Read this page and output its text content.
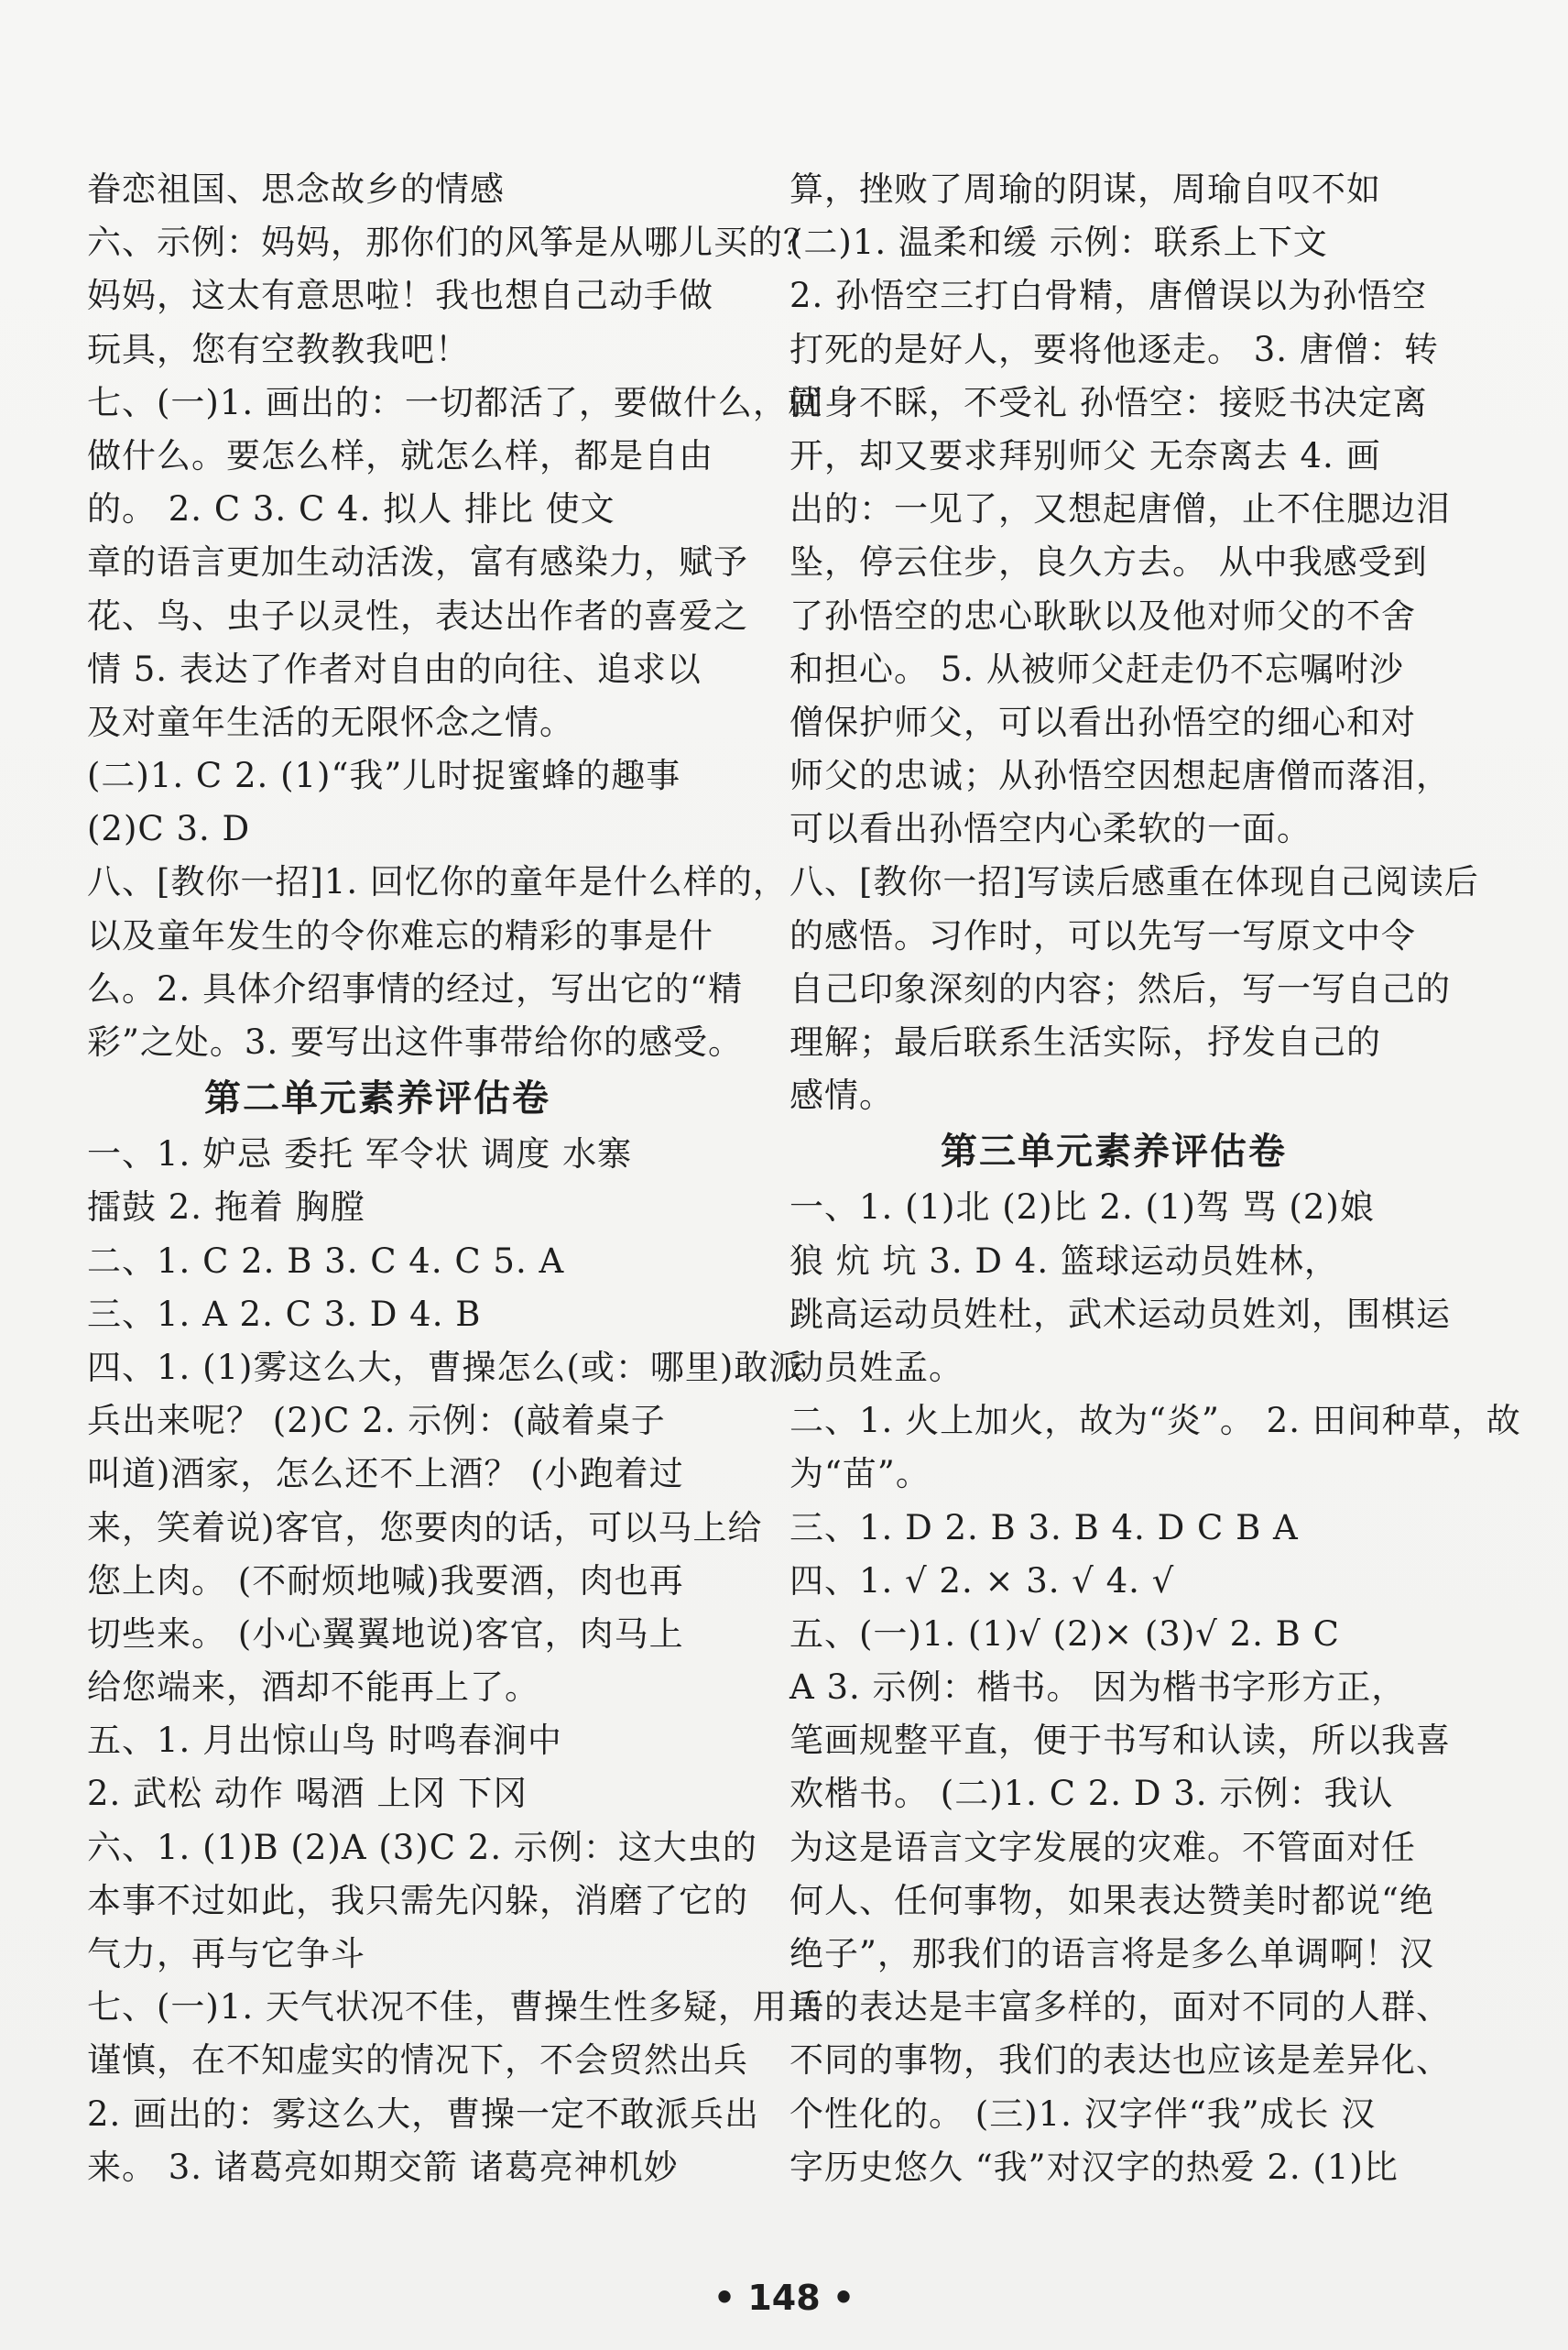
眷恋祖国、思念故乡的情感
六、示例：妈妈，那你们的风筝是从哪儿买的？
妈妈，这太有意思啦！我也想自己动手做
玩具，您有空教教我吧！
七、(一)1. 画出的：一切都活了，要做什么，就
做什么。要怎么样，就怎么样，都是自由
的。 2. C 3. C 4. 拟人 排比 使文
章的语言更加生动活泼，富有感染力，赋予
花、鸟、虫子以灵性，表达出作者的喜爱之
情 5. 表达了作者对自由的向往、追求以
及对童年生活的无限怀念之情。
(二)1. C 2. (1)“我”儿时捉蜜蜂的趣事
(2)C 3. D
八、[教你一招]1. 回忆你的童年是什么样的，
以及童年发生的令你难忘的精彩的事是什
么。2. 具体介绍事情的经过，写出它的“精
彩”之处。3. 要写出这件事带给你的感受。
第二单元素养评估卷
一、1. 妒忌 委托 军令状 调度 水寨
擂鼓 2. 拖着 胸膛
二、1. C 2. B 3. C 4. C 5. A
三、1. A 2. C 3. D 4. B
四、1. (1)雾这么大，曹操怎么(或：哪里)敢派
兵出来呢？ (2)C 2. 示例：(敲着桌子
叫道)酒家，怎么还不上酒？ (小跑着过
来，笑着说)客官，您要肉的话，可以马上给
您上肉。 (不耐烦地喊)我要酒，肉也再
切些来。 (小心翼翼地说)客官，肉马上
给您端来，酒却不能再上了。
五、1. 月出惊山鸟 时鸣春涧中
2. 武松 动作 喝酒 上冈 下冈
六、1. (1)B (2)A (3)C 2. 示例：这大虫的
本事不过如此，我只需先闪躲，消磨了它的
气力，再与它争斗
七、(一)1. 天气状况不佳，曹操生性多疑，用兵
谨慎，在不知虚实的情况下，不会贸然出兵
2. 画出的：雾这么大，曹操一定不敢派兵出
来。 3. 诸葛亮如期交箭 诸葛亮神机妙
算，挫败了周瑜的阴谋，周瑜自叹不如
(二)1. 温柔和缓 示例：联系上下文
2. 孙悟空三打白骨精，唐僧误以为孙悟空
打死的是好人，要将他逐走。 3. 唐僧：转
回身不睬，不受礼 孙悟空：接贬书决定离
开，却又要求拜别师父 无奈离去 4. 画
出的：一见了，又想起唐僧，止不住腮边泪
坠，停云住步，良久方去。 从中我感受到
了孙悟空的忠心耿耿以及他对师父的不舍
和担心。 5. 从被师父赶走仍不忘嘱咐沙
僧保护师父，可以看出孙悟空的细心和对
师父的忠诚；从孙悟空因想起唐僧而落泪，
可以看出孙悟空内心柔软的一面。
八、[教你一招]写读后感重在体现自己阅读后
的感悟。习作时，可以先写一写原文中令
自己印象深刻的内容；然后，写一写自己的
理解；最后联系生活实际，抒发自己的
感情。
第三单元素养评估卷
一、1. (1)北 (2)比 2. (1)驾 骂 (2)娘
狼 炕 坑 3. D 4. 篮球运动员姓林，
跳高运动员姓杜，武术运动员姓刘，围棋运
动员姓孟。
二、1. 火上加火，故为“炎”。 2. 田间种草，故
为“苗”。
三、1. D 2. B 3. B 4. D C B A
四、1. √ 2. × 3. √ 4. √
五、(一)1. (1)√ (2)× (3)√ 2. B C
A 3. 示例：楷书。 因为楷书字形方正，
笔画规整平直，便于书写和认读，所以我喜
欢楷书。 (二)1. C 2. D 3. 示例：我认
为这是语言文字发展的灾难。不管面对任
何人、任何事物，如果表达赞美时都说“绝
绝子”，那我们的语言将是多么单调啊！汉
语的表达是丰富多样的，面对不同的人群、
不同的事物，我们的表达也应该是差异化、
个性化的。 (三)1. 汉字伴“我”成长 汉
字历史悠久 “我”对汉字的热爱 2. (1)比
• 148 •
